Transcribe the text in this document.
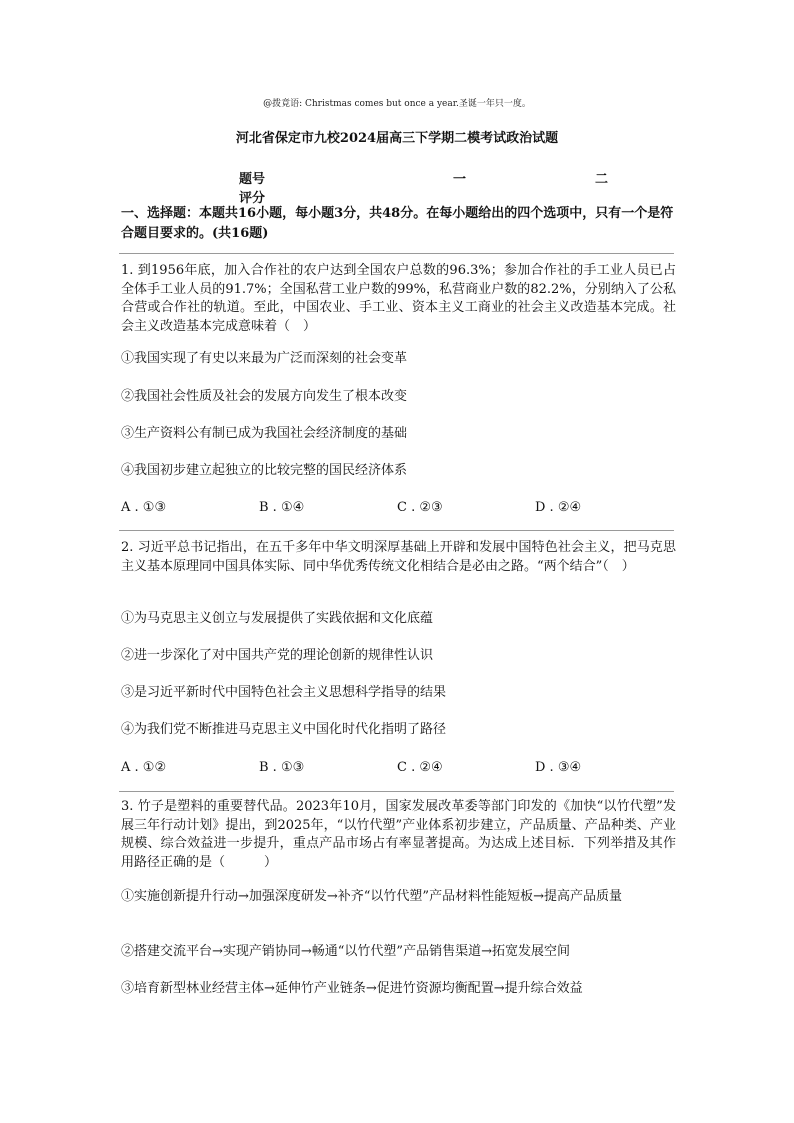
@拨竟语: Christmas comes but once a year.圣诞一年只一度。
河北省保定市九校2024届高三下学期二模考试政治试题
题号	一	二
评分
一、选择题：本题共16小题，每小题3分，共48分。在每小题给出的四个选项中，只有一个是符合题目要求的。(共16题)
1. 到1956年底，加入合作社的农户达到全国农户总数的96.3%；参加合作社的手工业人员已占全体手工业人员的91.7%；全国私营工业户数的99%，私营商业户数的82.2%，分别纳入了公私合营或合作社的轨道。至此，中国农业、手工业、资本主义工商业的社会主义改造基本完成。社会主义改造基本完成意味着（　）
①我国实现了有史以来最为广泛而深刻的社会变革
②我国社会性质及社会的发展方向发生了根本改变
③生产资料公有制已成为我国社会经济制度的基础
④我国初步建立起独立的比较完整的国民经济体系
A . ①③	B . ①④	C . ②③	D . ②④
2. 习近平总书记指出，在五千多年中华文明深厚基础上开辟和发展中国特色社会主义，把马克思主义基本原理同中国具体实际、同中华优秀传统文化相结合是必由之路。“两个结合”（　）
①为马克思主义创立与发展提供了实践依据和文化底蕴
②进一步深化了对中国共产党的理论创新的规律性认识
③是习近平新时代中国特色社会主义思想科学指导的结果
④为我们党不断推进马克思主义中国化时代化指明了路径
A . ①②	B . ①③	C . ②④	D . ③④
3. 竹子是塑料的重要替代品。2023年10月，国家发展改革委等部门印发的《加快“以竹代塑”发展三年行动计划》提出，到2025年，“以竹代塑”产业体系初步建立，产品质量、产品种类、产业规模、综合效益进一步提升，重点产品市场占有率显著提高。为达成上述目标．下列举措及其作用路径正确的是（　　　）
①实施创新提升行动→加强深度研发→补齐“以竹代塑”产品材料性能短板→提高产品质量
②搭建交流平台→实现产销协同→畅通“以竹代塑”产品销售渠道→拓宽发展空间
③培育新型林业经营主体→延伸竹产业链条→促进竹资源均衡配置→提升综合效益
